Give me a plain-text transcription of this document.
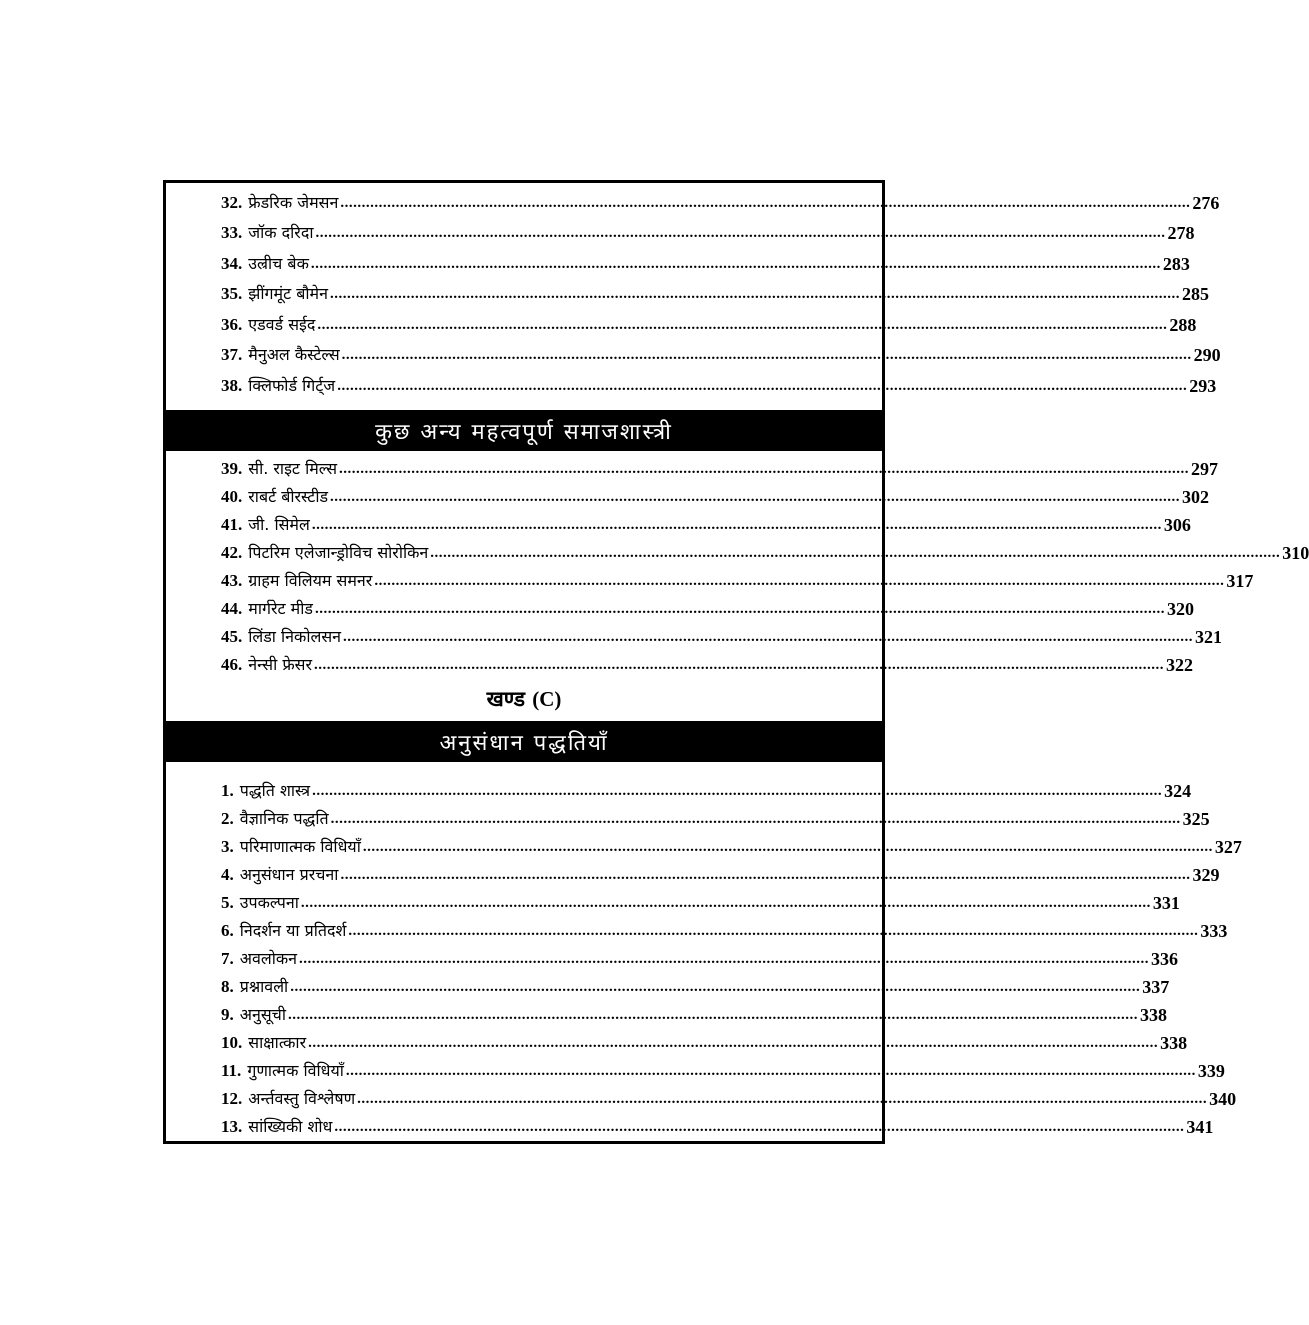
32. फ्रेडरिक जेमसन ........................................................................................................................................................................................................ 276
33. जॉक दरिदा ........................................................................................................................................................................................................ 278
34. उल्रीच बेक ........................................................................................................................................................................................................ 283
35. झींगमूंट बौमेन ........................................................................................................................................................................................................ 285
36. एडवर्ड सईद ........................................................................................................................................................................................................ 288
37. मैनुअल कैस्टेल्स ........................................................................................................................................................................................................ 290
38. क्लिफोर्ड गिर्ट्ज ........................................................................................................................................................................................................ 293
कुछ अन्य महत्वपूर्ण समाजशास्त्री
39. सी. राइट मिल्स ........................................................................................................................................................................................................ 297
40. राबर्ट बीरस्टीड ........................................................................................................................................................................................................ 302
41. जी. सिमेल ........................................................................................................................................................................................................ 306
42. पिटरिम एलेजान्ड्रोविच सोरोकिन ........................................................................................................................................................................................................ 310
43. ग्राहम विलियम समनर ........................................................................................................................................................................................................ 317
44. मार्गरेट मीड ........................................................................................................................................................................................................ 320
45. लिंडा निकोलसन ........................................................................................................................................................................................................ 321
46. नेन्सी फ्रेसर ........................................................................................................................................................................................................ 322
खण्ड (C)
अनुसंधान पद्धतियाँ
1. पद्धति शास्त्र ........................................................................................................................................................................................................ 324
2. वैज्ञानिक पद्धति ........................................................................................................................................................................................................ 325
3. परिमाणात्मक विधियाँ ........................................................................................................................................................................................................ 327
4. अनुसंधान प्ररचना ........................................................................................................................................................................................................ 329
5. उपकल्पना ........................................................................................................................................................................................................ 331
6. निदर्शन या प्रतिदर्श ........................................................................................................................................................................................................ 333
7. अवलोकन ........................................................................................................................................................................................................ 336
8. प्रश्नावली ........................................................................................................................................................................................................ 337
9. अनुसूची ........................................................................................................................................................................................................ 338
10. साक्षात्कार ........................................................................................................................................................................................................ 338
11. गुणात्मक विधियाँ ........................................................................................................................................................................................................ 339
12. अर्न्तवस्तु विश्लेषण ........................................................................................................................................................................................................ 340
13. सांख्यिकी शोध ........................................................................................................................................................................................................ 341
